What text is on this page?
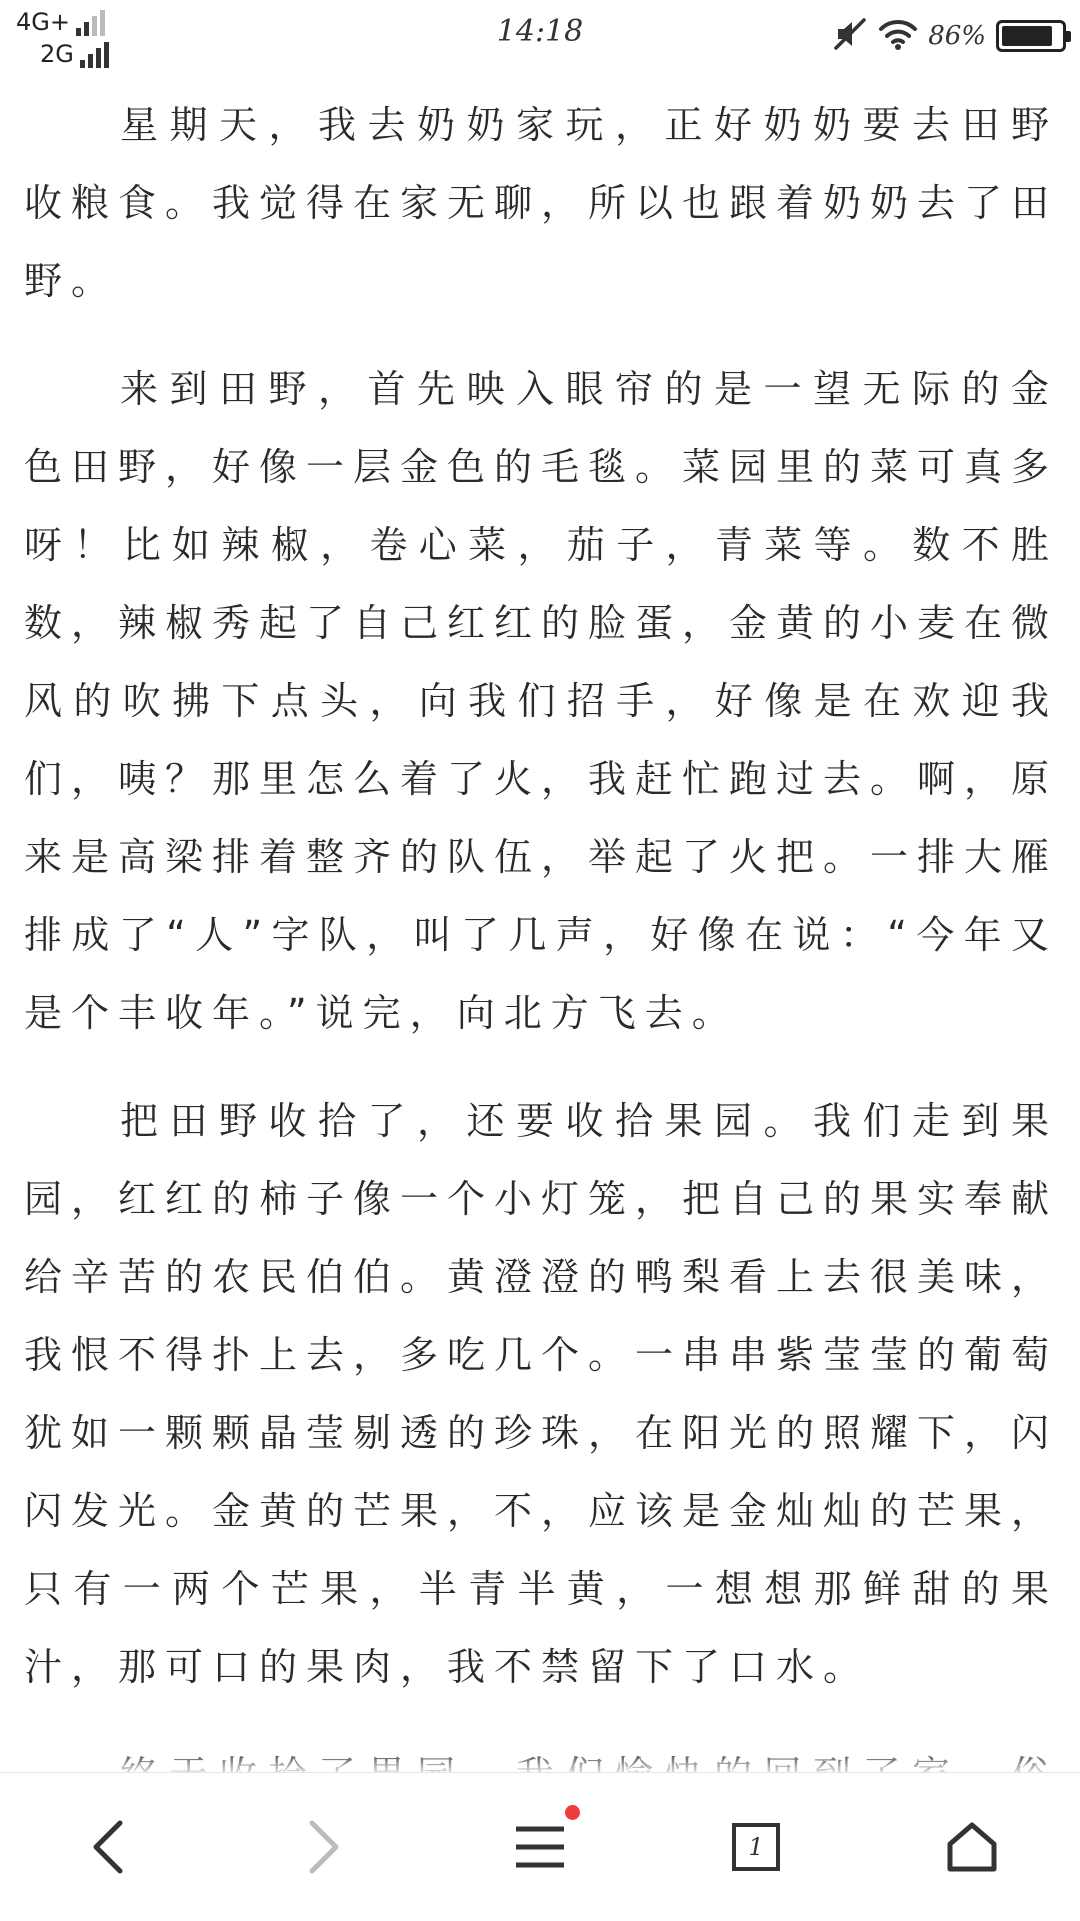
4G+
2G
14:18	86%

星期天，我去奶奶家玩，正好奶奶要去田野收粮食。我觉得在家无聊，所以也跟着奶奶去了田野。

来到田野，首先映入眼帘的是一望无际的金色田野，好像一层金色的毛毯。菜园里的菜可真多呀！比如辣椒，卷心菜，茄子，青菜等。数不胜数，辣椒秀起了自己红红的脸蛋，金黄的小麦在微风的吹拂下点头，向我们招手，好像是在欢迎我们，咦？那里怎么着了火，我赶忙跑过去。啊，原来是高梁排着整齐的队伍，举起了火把。一排大雁排成了“人”字队，叫了几声，好像在说：“今年又是个丰收年。”说完，向北方飞去。

把田野收拾了，还要收拾果园。我们走到果园，红红的柿子像一个小灯笼，把自己的果实奉献给辛苦的农民伯伯。黄澄澄的鸭梨看上去很美味，我恨不得扑上去，多吃几个。一串串紫莹莹的葡萄犹如一颗颗晶莹剔透的珍珠，在阳光的照耀下，闪闪发光。金黄的芒果，不，应该是金灿灿的芒果，只有一两个芒果，半青半黄，一想想那鲜甜的果汁，那可口的果肉，我不禁留下了口水。

1
